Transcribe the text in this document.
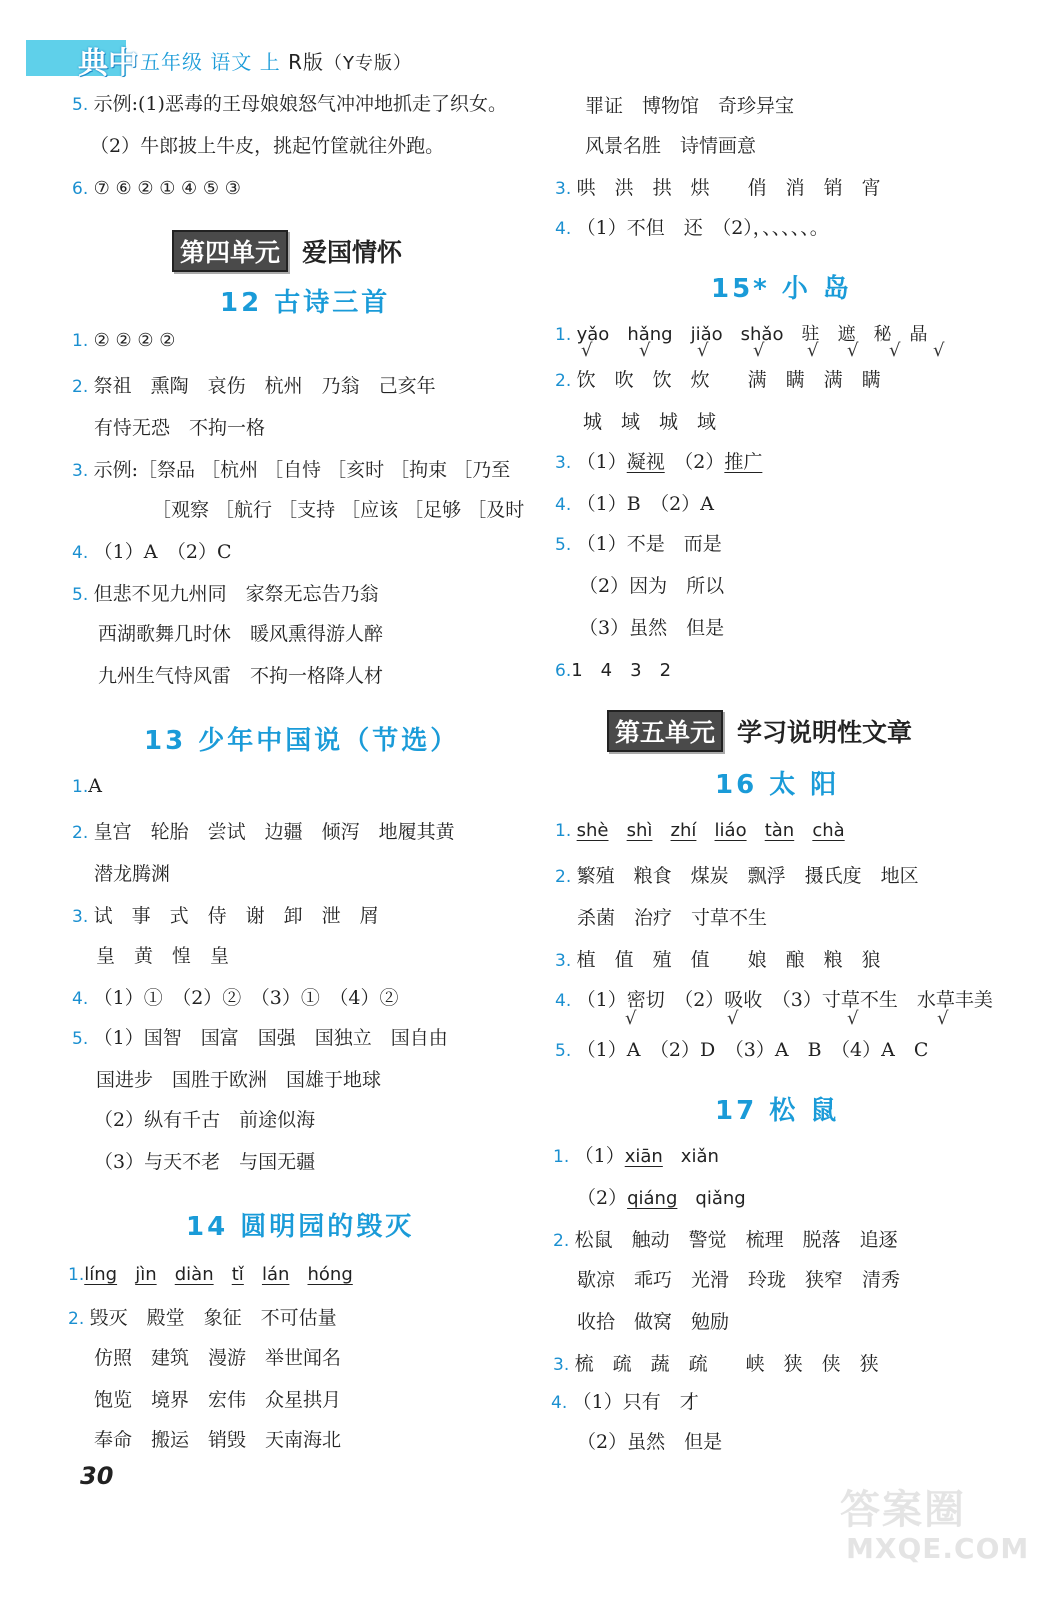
典中 五年级 语文 上 R版（Y专版）
5. 示例:(1)恶毒的王母娘娘怒气冲冲地抓走了织女。
（2）牛郎披上牛皮，挑起竹筐就往外跑。
6. ⑦ ⑥ ② ① ④ ⑤ ③
第四单元 爱国情怀
12 古诗三首
1. ② ② ② ②
2. 祭祖　熏陶　哀伤　杭州　乃翁　己亥年
有恃无恐　不拘一格
3. 示例:［祭品 ［杭州 ［自恃 ［亥时 ［拘束 ［乃至
［观察 ［航行 ［支持 ［应该 ［足够 ［及时
4. （1）A　（2）C
5. 但悲不见九州同　家祭无忘告乃翁
西湖歌舞几时休　暖风熏得游人醉
九州生气恃风雷　不拘一格降人材
13 少年中国说（节选）
1.A
2. 皇宫　轮胎　尝试　边疆　倾泻　地履其黄
潜龙腾渊
3. 试　事　式　侍　谢　卸　泄　屑
皇　黄　惶　皇
4. （1）①　（2）②　（3）①　（4）②
5. （1）国智　国富　国强　国独立　国自由
国进步　国胜于欧洲　国雄于地球
（2）纵有千古　前途似海
（3）与天不老　与国无疆
14 圆明园的毁灭
1.líng jìn diàn tǐ lán hóng
2. 毁灭　殿堂　象征　不可估量
仿照　建筑　漫游　举世闻名
饱览　境界　宏伟　众星拱月
奉命　搬运　销毁　天南海北
罪证　博物馆　奇珍异宝
风景名胜　诗情画意
3. 哄　洪　拱　烘　　俏　消　销　宵
4. （1）不但　还　（2），、、、、、。
15* 小 岛
1. yǎo　hǎng　jiǎo　shǎo　驻　遮　秘　晶
√	√	√ √ √ √ √ √
2. 饮　吹　饮　炊　　满　瞒　满　瞒
城　域　城　域
3. （1）凝视　 （2）推广
4. （1）B　（2）A
5. （1）不是　而是
（2）因为　所以
（3）虽然　但是
6.1　4　3　2
第五单元 学习说明性文章
16 太 阳
1. shè shì zhí liáo tàn chà
2. 繁殖　粮食　煤炭　飘浮　摄氏度　地区
杀菌　治疗　寸草不生
3. 植　值　殖　值　　娘　酿　粮　狼
4. （1）密切　（2）吸收　（3）寸草不生　水草丰美
√	√	√	√
5. （1）A　（2）D　（3）A　B　（4）A　C
17 松 鼠
1. （1）xiān　xiǎn
（2）qiáng　qiǎng
2. 松鼠　触动　警觉　梳理　脱落　追逐
歇凉　乖巧　光滑　玲珑　狭窄　清秀
收拾　做窝　勉励
3. 梳　疏　蔬　疏　　峡　狭　侠　狭
4. （1）只有　才
（2）虽然　但是
30
答案圈
MXQE.COM
